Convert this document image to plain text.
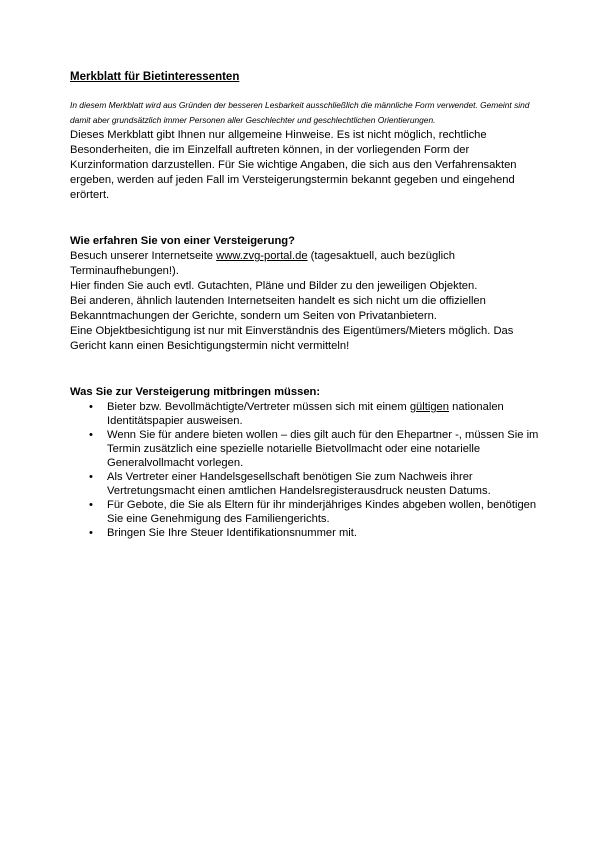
Merkblatt für Bietinteressenten

In diesem Merkblatt wird aus Gründen der besseren Lesbarkeit ausschließlich die männliche Form verwendet. Gemeint sind damit aber grundsätzlich immer Personen aller Geschlechter und geschlechtlichen Orientierungen.

Dieses Merkblatt gibt Ihnen nur allgemeine Hinweise. Es ist nicht möglich, rechtliche Besonderheiten, die im Einzelfall auftreten können, in der vorliegenden Form der Kurzinformation darzustellen. Für Sie wichtige Angaben, die sich aus den Verfahrensakten ergeben, werden auf jeden Fall im Versteigerungstermin bekannt gegeben und eingehend erörtert.

Wie erfahren Sie von einer Versteigerung?

Besuch unserer Internetseite www.zvg-portal.de (tagesaktuell, auch bezüglich Terminaufhebungen!).
Hier finden Sie auch evtl. Gutachten, Pläne und Bilder zu den jeweiligen Objekten.

Bei anderen, ähnlich lautenden Internetseiten handelt es sich nicht um die offiziellen Bekanntmachungen der Gerichte, sondern um Seiten von Privatanbietern.

Eine Objektbesichtigung ist nur mit Einverständnis des Eigentümers/Mieters möglich. Das Gericht kann einen Besichtigungstermin nicht vermitteln!

Was Sie zur Versteigerung mitbringen müssen:

• Bieter bzw. Bevollmächtigte/Vertreter müssen sich mit einem gültigen nationalen Identitätspapier ausweisen.
• Wenn Sie für andere bieten wollen – dies gilt auch für den Ehepartner -, müssen Sie im Termin zusätzlich eine spezielle notarielle Bietvollmacht oder eine notarielle Generalvollmacht vorlegen.
• Als Vertreter einer Handelsgesellschaft benötigen Sie zum Nachweis ihrer Vertretungsmacht einen amtlichen Handelsregisterausdruck neusten Datums.
• Für Gebote, die Sie als Eltern für ihr minderjähriges Kindes abgeben wollen, benötigen Sie eine Genehmigung des Familiengerichts.
• Bringen Sie Ihre Steuer Identifikationsnummer mit.
